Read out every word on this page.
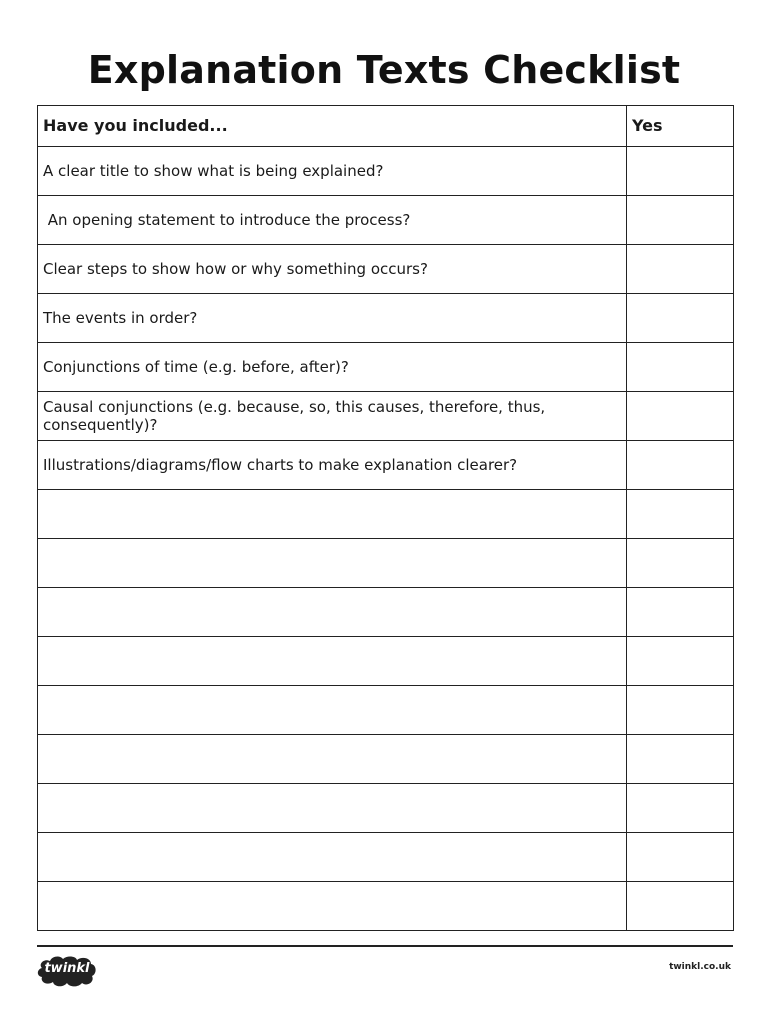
Explanation Texts Checklist
Have you included...	Yes
A clear title to show what is being explained?	
An opening statement to introduce the process?	
Clear steps to show how or why something occurs?	
The events in order?	
Conjunctions of time (e.g. before, after)?	
Causal conjunctions (e.g. because, so, this causes, therefore, thus, consequently)?	
Illustrations/diagrams/flow charts to make explanation clearer?	

twinkl	twinkl.co.uk
